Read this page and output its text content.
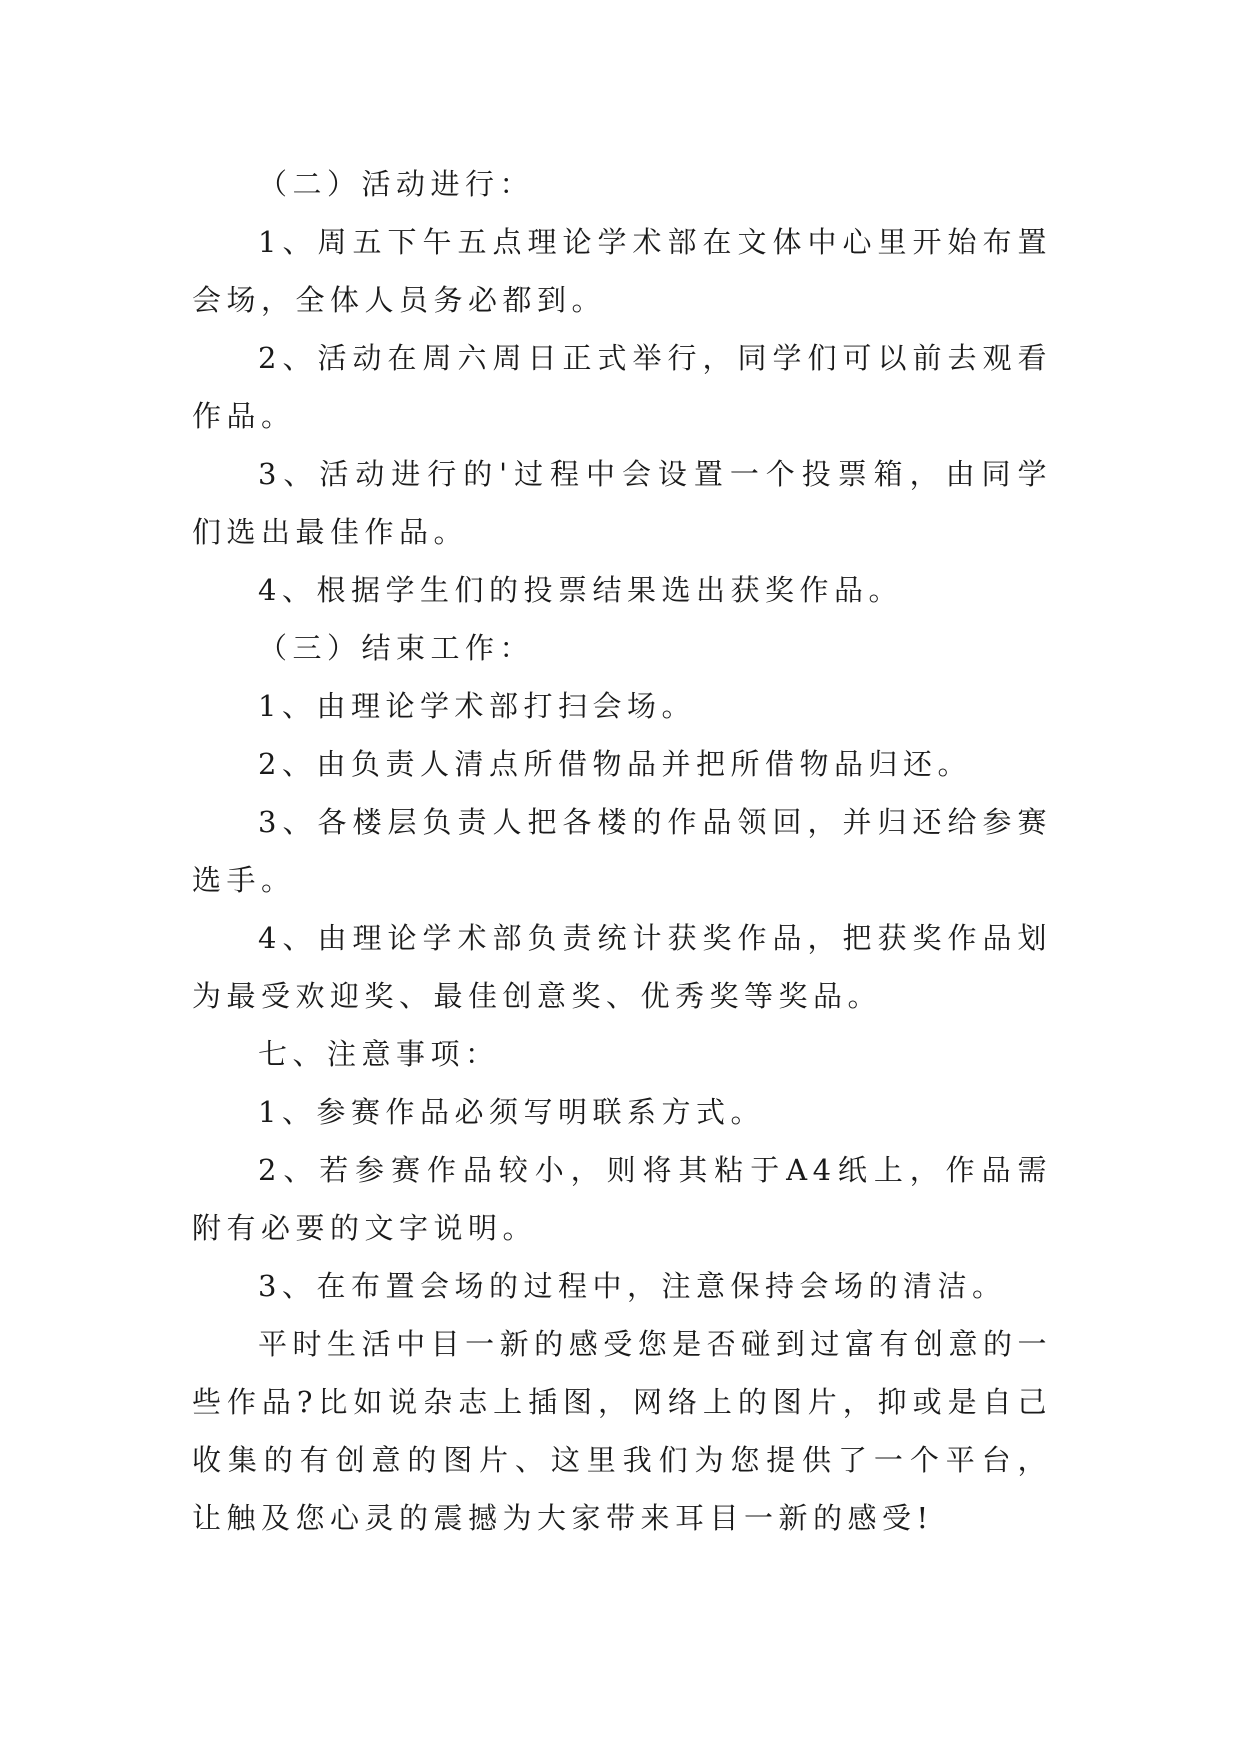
（二）活动进行：

1、周五下午五点理论学术部在文体中心里开始布置会场，全体人员务必都到。

2、活动在周六周日正式举行，同学们可以前去观看作品。

3、活动进行的'过程中会设置一个投票箱，由同学们选出最佳作品。

4、根据学生们的投票结果选出获奖作品。

（三）结束工作：

1、由理论学术部打扫会场。

2、由负责人清点所借物品并把所借物品归还。

3、各楼层负责人把各楼的作品领回，并归还给参赛选手。

4、由理论学术部负责统计获奖作品，把获奖作品划为最受欢迎奖、最佳创意奖、优秀奖等奖品。

七、注意事项：

1、参赛作品必须写明联系方式。

2、若参赛作品较小，则将其粘于A4纸上，作品需附有必要的文字说明。

3、在布置会场的过程中，注意保持会场的清洁。

平时生活中目一新的感受您是否碰到过富有创意的一些作品?比如说杂志上插图，网络上的图片，抑或是自己收集的有创意的图片、这里我们为您提供了一个平台，让触及您心灵的震撼为大家带来耳目一新的感受!
